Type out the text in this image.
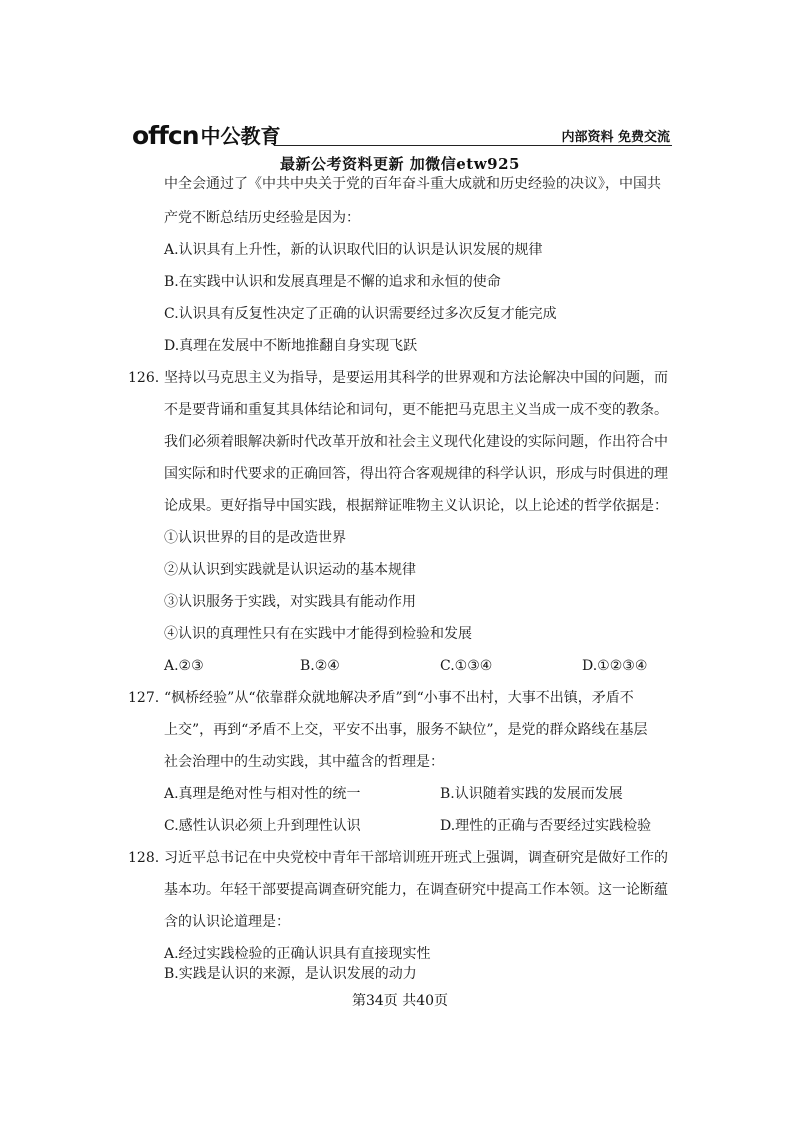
offcn 中公教育	内部资料 免费交流
最新公考资料更新 加微信etw925
中全会通过了《中共中央关于党的百年奋斗重大成就和历史经验的决议》，中国共
产党不断总结历史经验是因为：
A.认识具有上升性，新的认识取代旧的认识是认识发展的规律
B.在实践中认识和发展真理是不懈的追求和永恒的使命
C.认识具有反复性决定了正确的认识需要经过多次反复才能完成
D.真理在发展中不断地推翻自身实现飞跃
126. 坚持以马克思主义为指导，是要运用其科学的世界观和方法论解决中国的问题，而
不是要背诵和重复其具体结论和词句，更不能把马克思主义当成一成不变的教条。
我们必须着眼解决新时代改革开放和社会主义现代化建设的实际问题，作出符合中
国实际和时代要求的正确回答，得出符合客观规律的科学认识，形成与时俱进的理
论成果。更好指导中国实践，根据辩证唯物主义认识论，以上论述的哲学依据是：
①认识世界的目的是改造世界
②从认识到实践就是认识运动的基本规律
③认识服务于实践，对实践具有能动作用
④认识的真理性只有在实践中才能得到检验和发展
A.②③	B.②④	C.①③④	D.①②③④
127. “枫桥经验”从“依靠群众就地解决矛盾”到“小事不出村，大事不出镇，矛盾不
上交”，再到“矛盾不上交，平安不出事，服务不缺位”，是党的群众路线在基层
社会治理中的生动实践，其中蕴含的哲理是：
A.真理是绝对性与相对性的统一	B.认识随着实践的发展而发展
C.感性认识必须上升到理性认识	D.理性的正确与否要经过实践检验
128. 习近平总书记在中央党校中青年干部培训班开班式上强调，调查研究是做好工作的
基本功。年轻干部要提高调查研究能力，在调查研究中提高工作本领。这一论断蕴
含的认识论道理是：
A.经过实践检验的正确认识具有直接现实性
B.实践是认识的来源，是认识发展的动力
第34页 共40页
